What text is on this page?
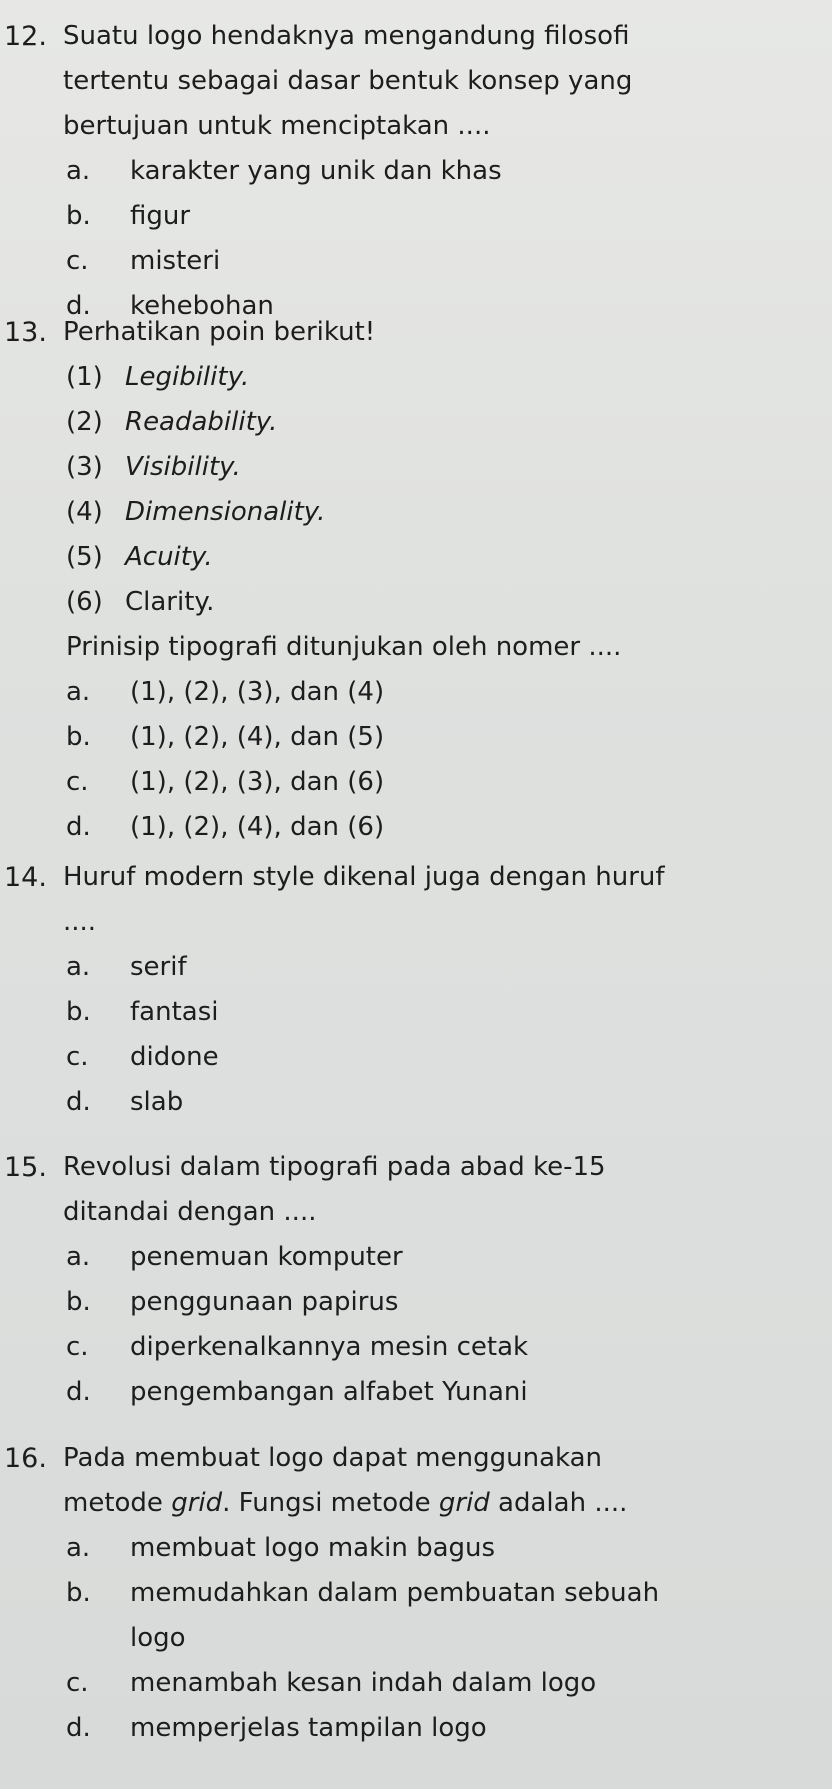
12. Suatu logo hendaknya mengandung filosofi
tertentu sebagai dasar bentuk konsep yang
bertujuan untuk menciptakan ....
a. karakter yang unik dan khas
b. figur
c. misteri
d. kehebohan
13. Perhatikan poin berikut!
(1) Legibility.
(2) Readability.
(3) Visibility.
(4) Dimensionality.
(5) Acuity.
(6) Clarity.
Prinisip tipografi ditunjukan oleh nomer ....
a. (1), (2), (3), dan (4)
b. (1), (2), (4), dan (5)
c. (1), (2), (3), dan (6)
d. (1), (2), (4), dan (6)
14. Huruf modern style dikenal juga dengan huruf
....
a. serif
b. fantasi
c. didone
d. slab
15. Revolusi dalam tipografi pada abad ke-15
ditandai dengan ....
a. penemuan komputer
b. penggunaan papirus
c. diperkenalkannya mesin cetak
d. pengembangan alfabet Yunani
16. Pada membuat logo dapat menggunakan
metode grid. Fungsi metode grid adalah ....
a. membuat logo makin bagus
b. memudahkan dalam pembuatan sebuah
logo
c. menambah kesan indah dalam logo
d. memperjelas tampilan logo
